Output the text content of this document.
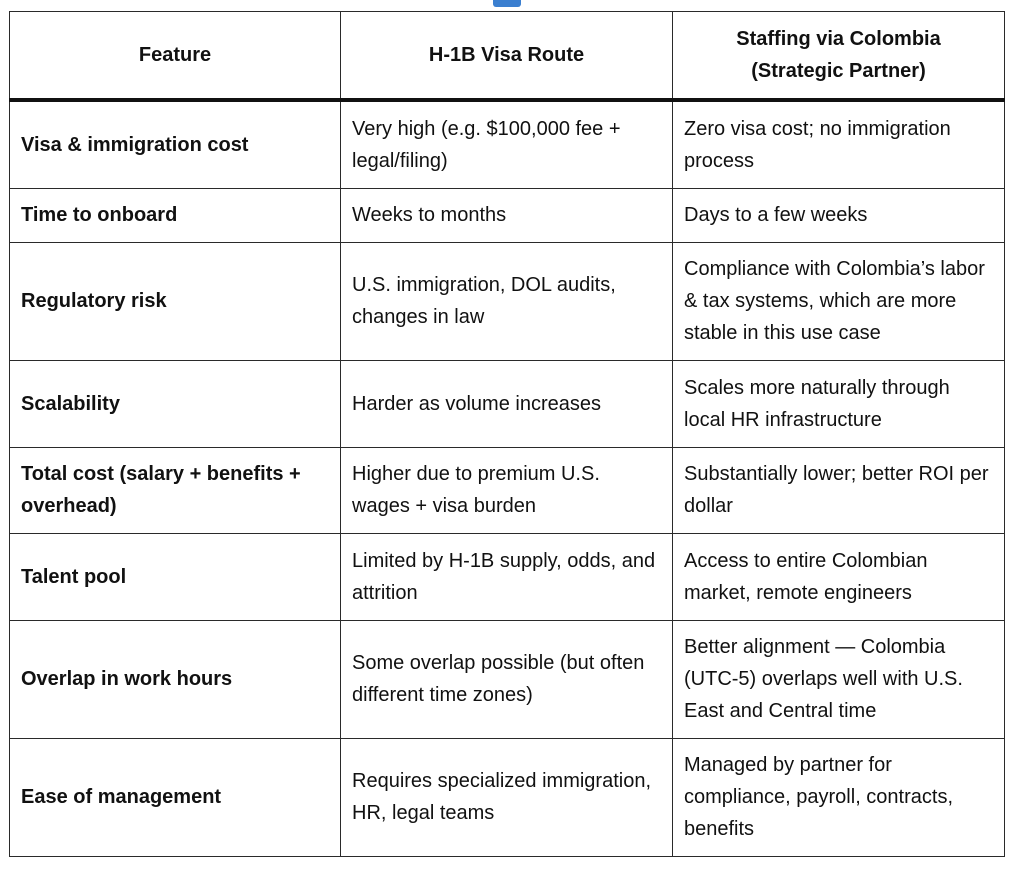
Feature	H-1B Visa Route	Staffing via Colombia
(Strategic Partner)
Visa & immigration cost	Very high (e.g. $100,000 fee + legal/filing)	Zero visa cost; no immigration process
Time to onboard	Weeks to months	Days to a few weeks
Regulatory risk	U.S. immigration, DOL audits, changes in law	Compliance with Colombia’s labor & tax systems, which are more stable in this use case
Scalability	Harder as volume increases	Scales more naturally through local HR infrastructure
Total cost (salary + benefits + overhead)	Higher due to premium U.S. wages + visa burden	Substantially lower; better ROI per dollar
Talent pool	Limited by H-1B supply, odds, and attrition	Access to entire Colombian market, remote engineers
Overlap in work hours	Some overlap possible (but often different time zones)	Better alignment — Colombia (UTC-5) overlaps well with U.S. East and Central time
Ease of management	Requires specialized immigration, HR, legal teams	Managed by partner for compliance, payroll, contracts, benefits
